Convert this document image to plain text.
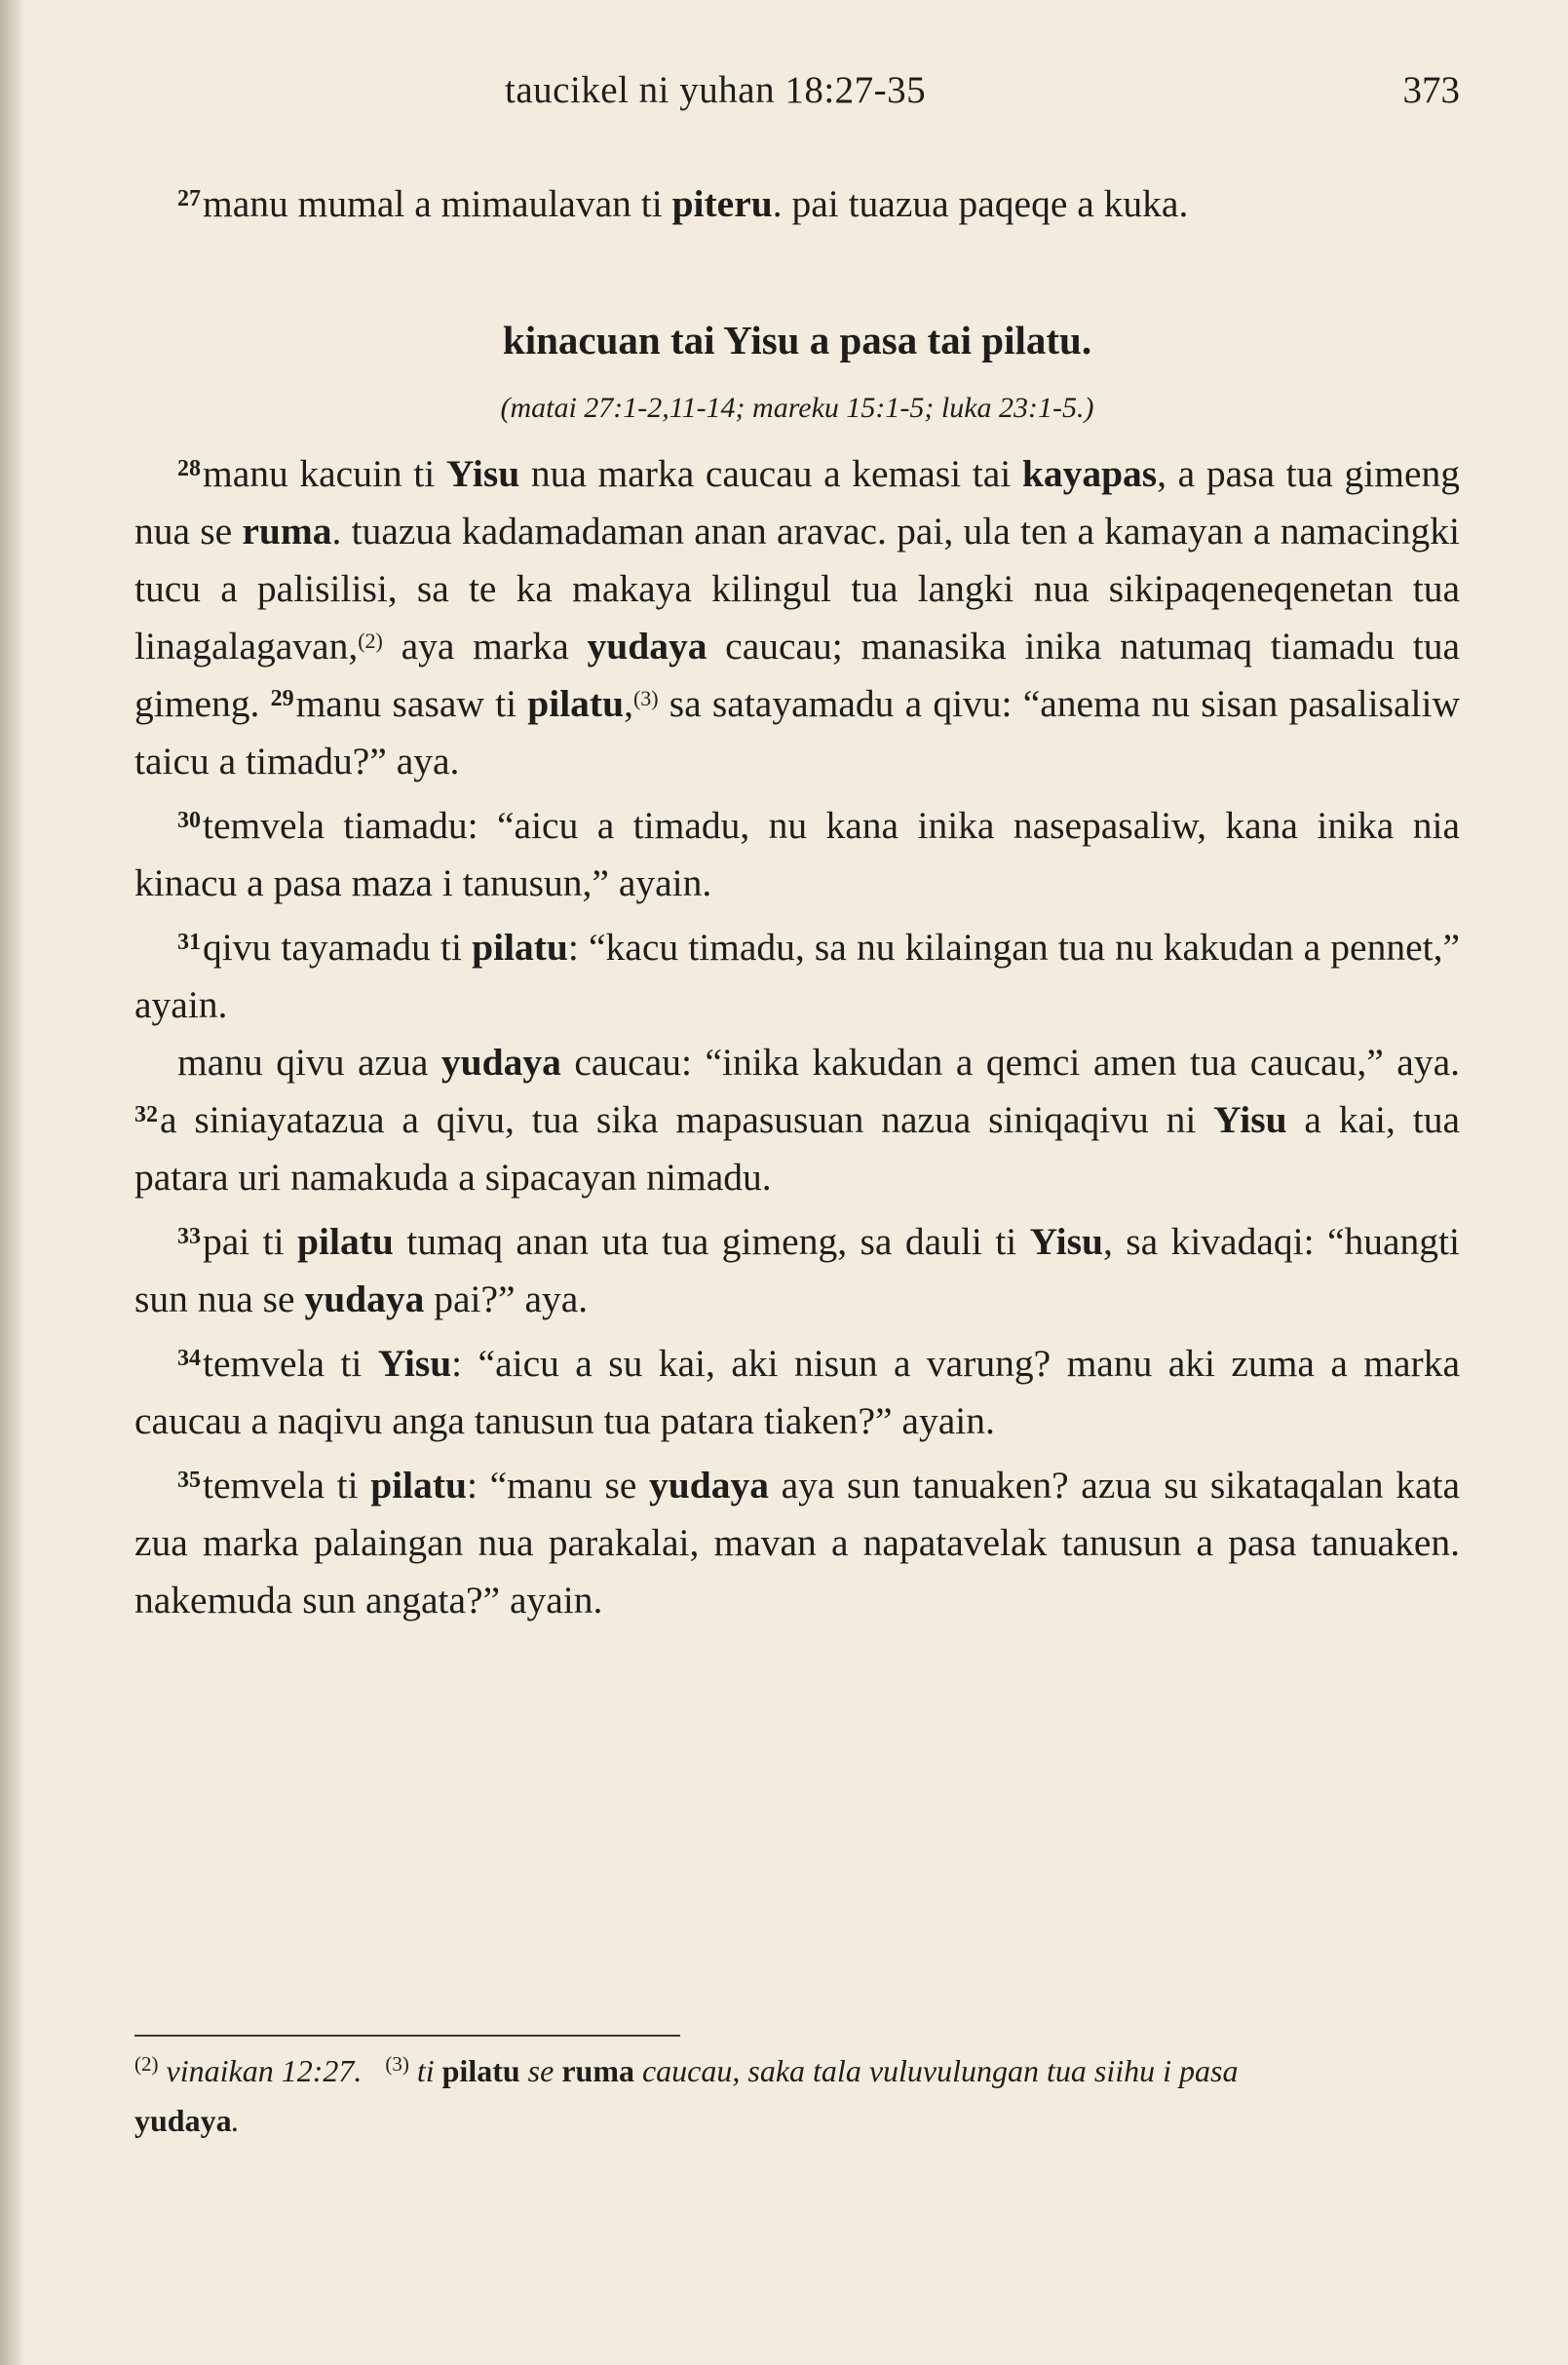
taucikel ni yuhan 18:27-35	373

$^{27}$manu mumal a mimaulavan ti piteru. pai tuazua paqeqe a kuka.

kinacuan tai Yisu a pasa tai pilatu.
(matai 27:1-2,11-14; mareku 15:1-5; luka 23:1-5.)

$^{28}$manu kacuin ti Yisu nua marka caucau a kemasi tai kayapas, a pasa tua gimeng nua se ruma. tuazua kadamadaman anan aravac. pai, ula ten a kamayan a namacingki tucu a palisilisi, sa te ka makaya kilingul tua langki nua sikipaqeneqenetan tua linagalagavan,$^{(2)}$ aya marka yudaya caucau; manasika inika natumaq tiamadu tua gimeng. $^{29}$manu sasaw ti pilatu,$^{(3)}$ sa satayamadu a qivu: “anema nu sisan pasalisaliw taicu a timadu?” aya.

$^{30}$temvela tiamadu: “aicu a timadu, nu kana inika nasepasaliw, kana inika nia kinacu a pasa maza i tanusun,” ayain.

$^{31}$qivu tayamadu ti pilatu: “kacu timadu, sa nu kilaingan tua nu kakudan a pennet,” ayain.

manu qivu azua yudaya caucau: “inika kakudan a qemci amen tua caucau,” aya. $^{32}$a siniayatazua a qivu, tua sika mapasusuan nazua siniqaqivu ni Yisu a kai, tua patara uri namakuda a sipacayan nimadu.

$^{33}$pai ti pilatu tumaq anan uta tua gimeng, sa dauli ti Yisu, sa kivadaqi: “huangti sun nua se yudaya pai?” aya.

$^{34}$temvela ti Yisu: “aicu a su kai, aki nisun a varung? manu aki zuma a marka caucau a naqivu anga tanusun tua patara tiaken?” ayain.

$^{35}$temvela ti pilatu: “manu se yudaya aya sun tanuaken? azua su sikataqalan kata zua marka palaingan nua parakalai, mavan a napatavelak tanusun a pasa tanuaken. nakemuda sun angata?” ayain.

$^{(2)}$ vinaikan 12:27. $^{(3)}$ ti pilatu se ruma caucau, saka tala vuluvulungan tua siihu i pasa yudaya.
